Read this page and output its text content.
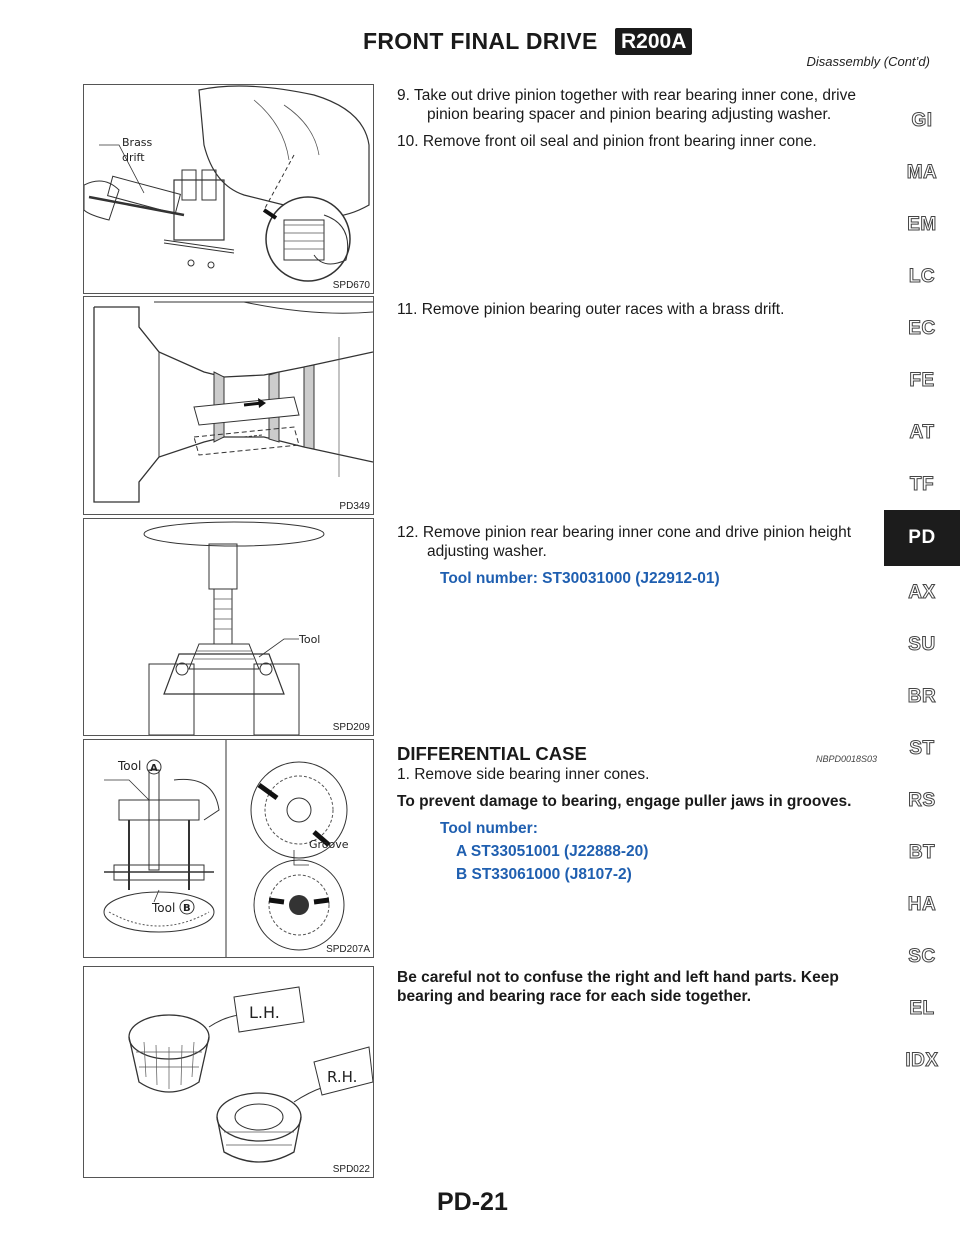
FRONT FINAL DRIVE R200A
Disassembly (Cont’d)
Brass
drift
SPD670
PD349
Tool
SPD209
Tool A
Groove
Tool B
SPD207A
L.H.
R.H.
SPD022

9. Take out drive pinion together with rear bearing inner cone, drive pinion bearing spacer and pinion bearing adjusting washer.

10. Remove front oil seal and pinion front bearing inner cone.

11. Remove pinion bearing outer races with a brass drift.

12. Remove pinion rear bearing inner cone and drive pinion height adjusting washer.

Tool number: ST30031000 (J22912-01)
DIFFERENTIAL CASE	NBPD0018S03

1. Remove side bearing inner cones.

To prevent damage to bearing, engage puller jaws in grooves.

Tool number:
A ST33051001 (J22888-20)
B ST33061000 (J8107-2)

Be careful not to confuse the right and left hand parts. Keep bearing and bearing race for each side together.

GI
MA
EM
LC
EC
FE
AT
TF
PD
AX
SU
BR
ST
RS
BT
HA
SC
EL
IDX
PD-21
